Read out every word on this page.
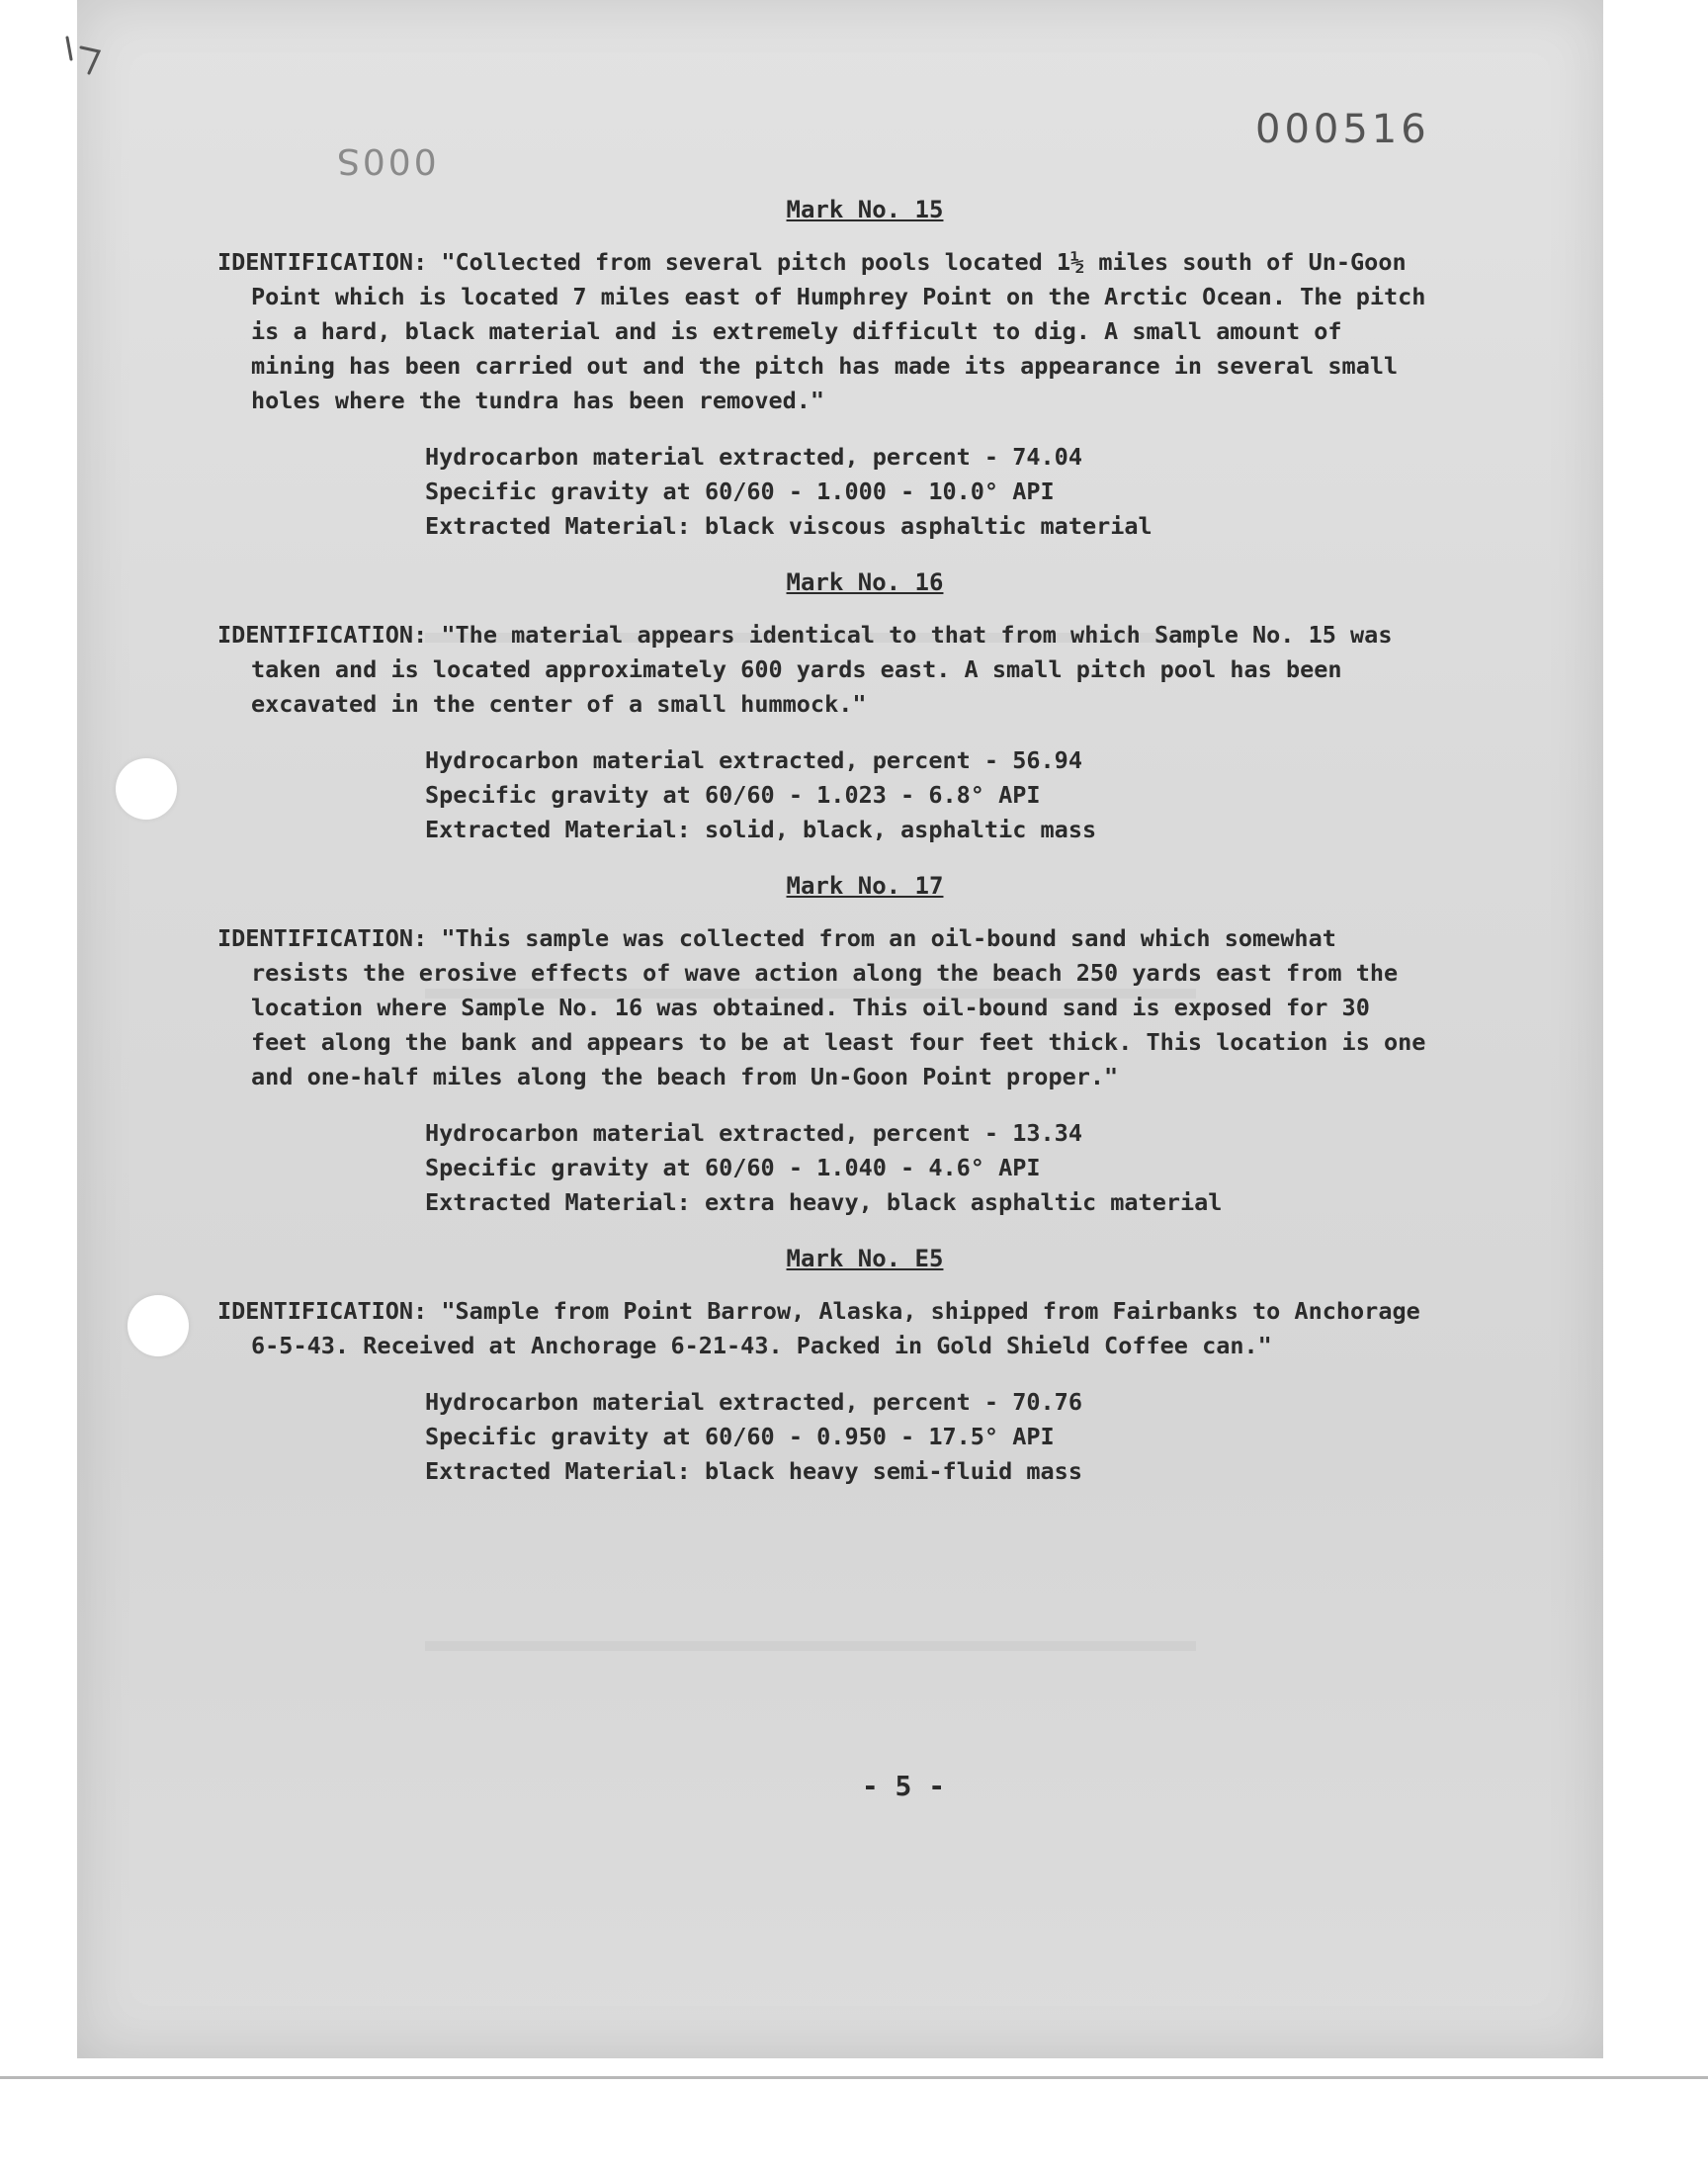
000S
000516
Mark No. 15

IDENTIFICATION: "Collected from several pitch pools located 1½ miles south of Un-Goon Point which is located 7 miles east of Humphrey Point on the Arctic Ocean. The pitch is a hard, black material and is extremely difficult to dig. A small amount of mining has been carried out and the pitch has made its appearance in several small holes where the tundra has been removed."

Hydrocarbon material extracted, percent - 74.04
Specific gravity at 60/60 - 1.000 - 10.0° API
Extracted Material: black viscous asphaltic material
Mark No. 16

IDENTIFICATION: "The material appears identical to that from which Sample No. 15 was taken and is located approximately 600 yards east. A small pitch pool has been excavated in the center of a small hummock."

Hydrocarbon material extracted, percent - 56.94
Specific gravity at 60/60 - 1.023 - 6.8° API
Extracted Material: solid, black, asphaltic mass
Mark No. 17

IDENTIFICATION: "This sample was collected from an oil-bound sand which somewhat resists the erosive effects of wave action along the beach 250 yards east from the location where Sample No. 16 was obtained. This oil-bound sand is exposed for 30 feet along the bank and appears to be at least four feet thick. This location is one and one-half miles along the beach from Un-Goon Point proper."

Hydrocarbon material extracted, percent - 13.34
Specific gravity at 60/60 - 1.040 - 4.6° API
Extracted Material: extra heavy, black asphaltic material
Mark No. E5

IDENTIFICATION: "Sample from Point Barrow, Alaska, shipped from Fairbanks to Anchorage 6-5-43. Received at Anchorage 6-21-43. Packed in Gold Shield Coffee can."

Hydrocarbon material extracted, percent - 70.76
Specific gravity at 60/60 - 0.950 - 17.5° API
Extracted Material: black heavy semi-fluid mass
- 5 -
